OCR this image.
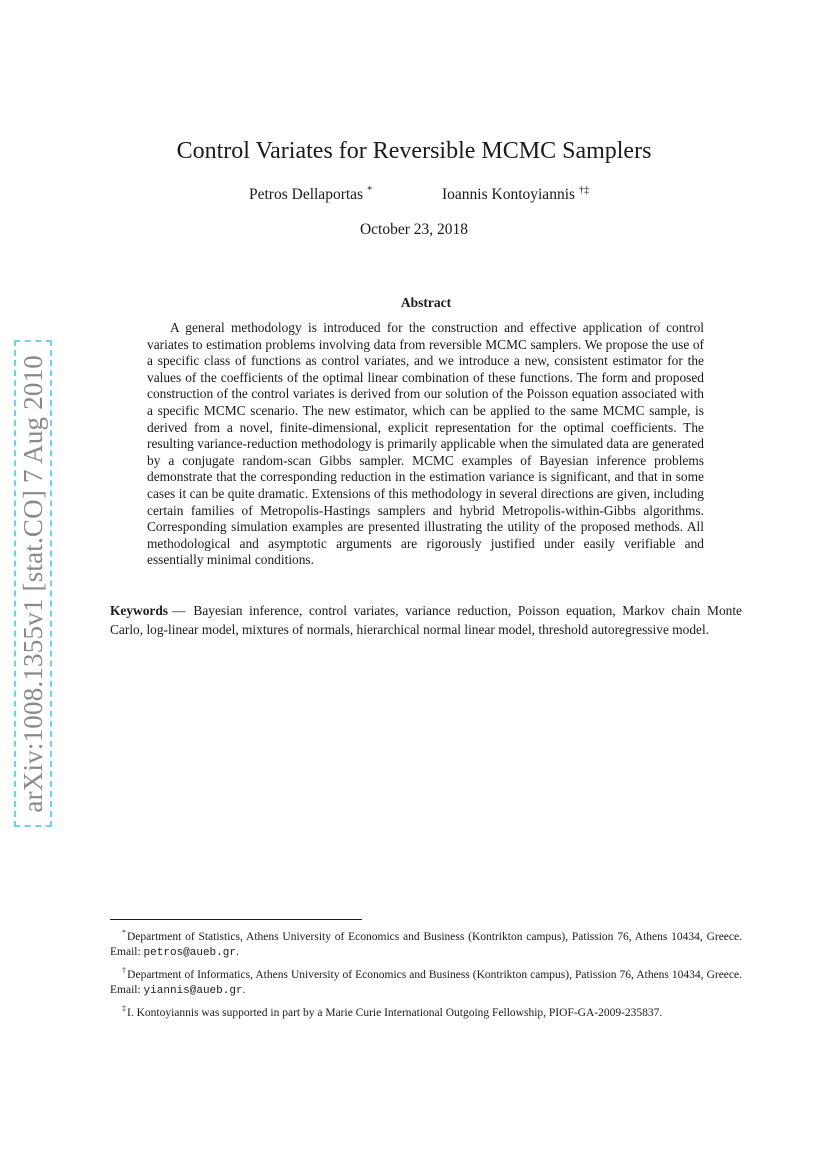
arXiv:1008.1355v1 [stat.CO] 7 Aug 2010
Control Variates for Reversible MCMC Samplers
Petros Dellaportas *	Ioannis Kontoyiannis †‡
October 23, 2018
Abstract

A general methodology is introduced for the construction and effective application of control variates to estimation problems involving data from reversible MCMC samplers. We propose the use of a specific class of functions as control variates, and we introduce a new, consistent estimator for the values of the coefficients of the optimal linear combination of these functions. The form and proposed construction of the control variates is derived from our solution of the Poisson equation associated with a specific MCMC scenario. The new estimator, which can be applied to the same MCMC sample, is derived from a novel, finite-dimensional, explicit representation for the optimal coefficients. The resulting variance-reduction methodology is primarily applicable when the simulated data are generated by a conjugate random-scan Gibbs sampler. MCMC examples of Bayesian inference problems demonstrate that the corresponding reduction in the estimation variance is significant, and that in some cases it can be quite dramatic. Extensions of this methodology in several directions are given, including certain families of Metropolis-Hastings samplers and hybrid Metropolis-within-Gibbs algorithms. Corresponding simulation examples are presented illustrating the utility of the proposed methods. All methodological and asymptotic arguments are rigorously justified under easily verifiable and essentially minimal conditions.

Keywords — Bayesian inference, control variates, variance reduction, Poisson equation, Markov chain Monte Carlo, log-linear model, mixtures of normals, hierarchical normal linear model, threshold autoregressive model.

*Department of Statistics, Athens University of Economics and Business (Kontrikton campus), Patission 76, Athens 10434, Greece. Email: petros@aueb.gr.

†Department of Informatics, Athens University of Economics and Business (Kontrikton campus), Patission 76, Athens 10434, Greece. Email: yiannis@aueb.gr.

‡I. Kontoyiannis was supported in part by a Marie Curie International Outgoing Fellowship, PIOF-GA-2009-235837.
